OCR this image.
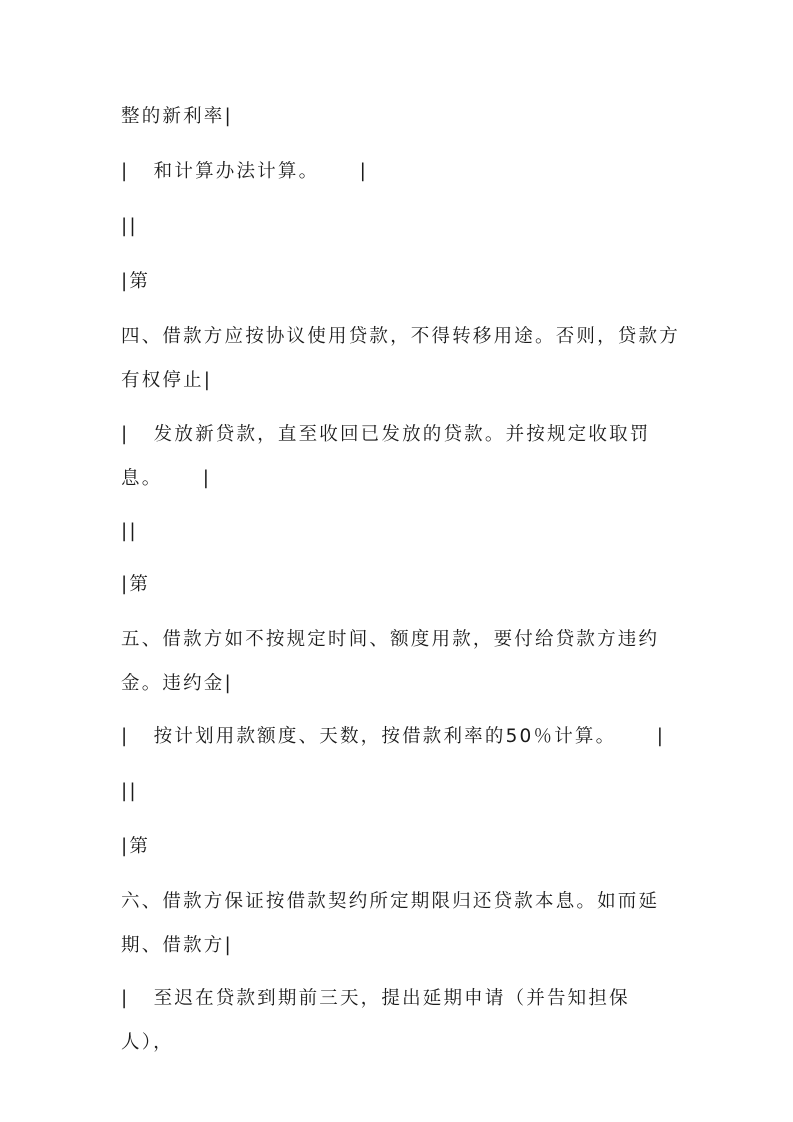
整的新利率|

|   和计算办法计算。     |

||

|第

四、借款方应按协议使用贷款，不得转移用途。否则，贷款方有权停止|

|   发放新贷款，直至收回已发放的贷款。并按规定收取罚息。     |

||

|第

五、借款方如不按规定时间、额度用款，要付给贷款方违约金。违约金|

|   按计划用款额度、天数，按借款利率的50％计算。     |

||

|第

六、借款方保证按借款契约所定期限归还贷款本息。如而延期、借款方|

|   至迟在贷款到期前三天，提出延期申请（并告知担保人），
